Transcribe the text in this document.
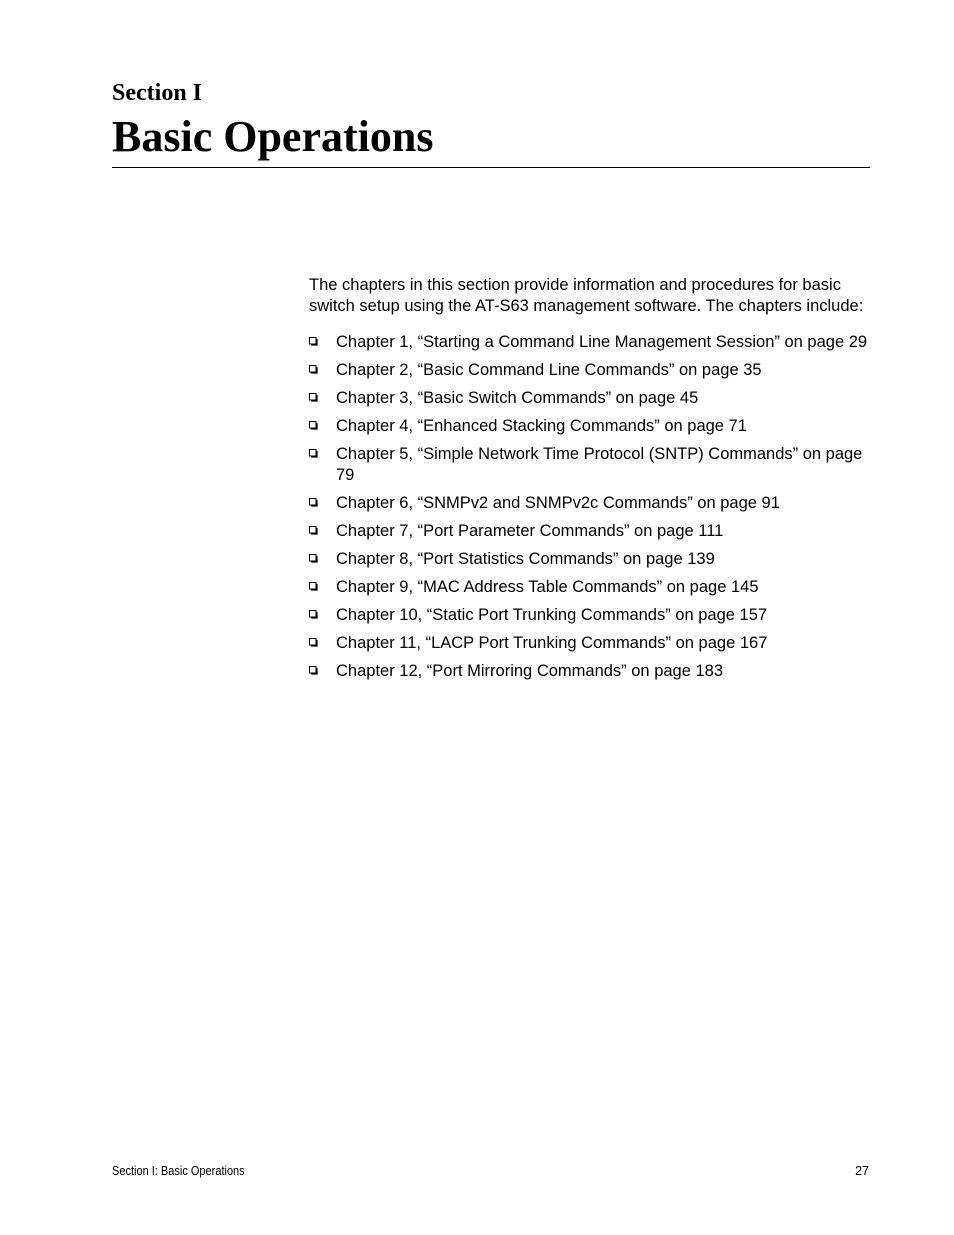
Section I
Basic Operations

The chapters in this section provide information and procedures for basic switch setup using the AT-S63 management software. The chapters include:

Chapter 1, “Starting a Command Line Management Session” on page 29
Chapter 2, “Basic Command Line Commands” on page 35
Chapter 3, “Basic Switch Commands” on page 45
Chapter 4, “Enhanced Stacking Commands” on page 71
Chapter 5, “Simple Network Time Protocol (SNTP) Commands” on page 79
Chapter 6, “SNMPv2 and SNMPv2c Commands” on page 91
Chapter 7, “Port Parameter Commands” on page 111
Chapter 8, “Port Statistics Commands” on page 139
Chapter 9, “MAC Address Table Commands” on page 145
Chapter 10, “Static Port Trunking Commands” on page 157
Chapter 11, “LACP Port Trunking Commands” on page 167
Chapter 12, “Port Mirroring Commands” on page 183
Section I: Basic Operations	27
